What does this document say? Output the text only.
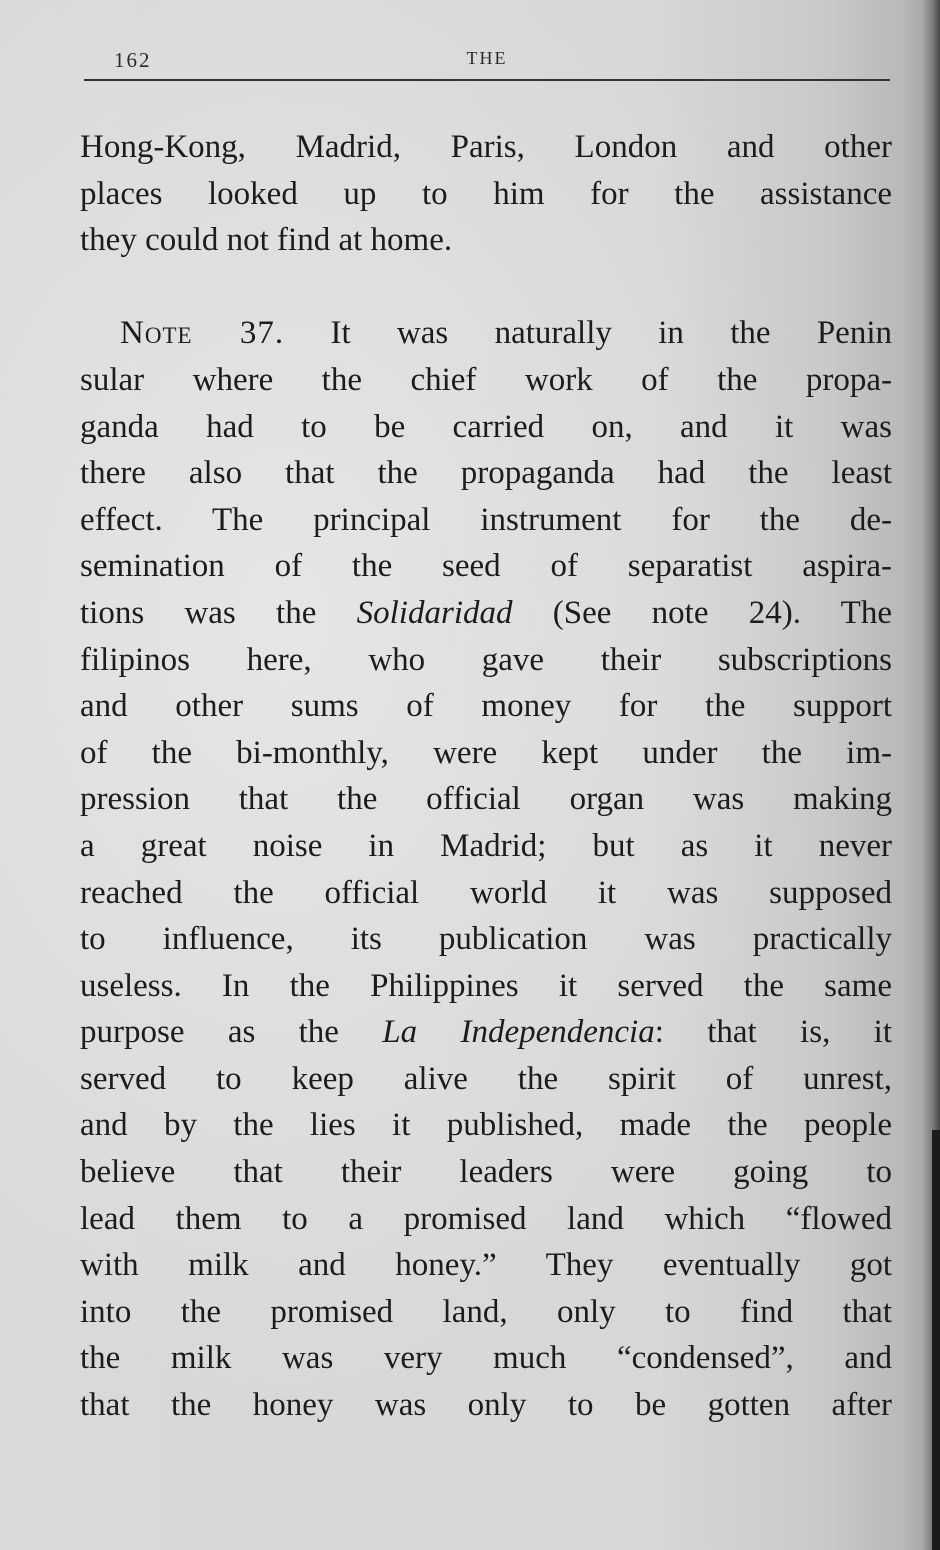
162	THE
Hong-Kong, Madrid, Paris, London and other
places looked up to him for the assistance
they could not find at home.
Note 37. It was naturally in the Penin
sular where the chief work of the propa-
ganda had to be carried on, and it was
there also that the propaganda had the least
effect. The principal instrument for the de-
semination of the seed of separatist aspira-
tions was the Solidaridad (See note 24). The
filipinos here, who gave their subscriptions
and other sums of money for the support
of the bi-monthly, were kept under the im-
pression that the official organ was making
a great noise in Madrid; but as it never
reached the official world it was supposed
to influence, its publication was practically
useless. In the Philippines it served the same
purpose as the La Independencia: that is, it
served to keep alive the spirit of unrest,
and by the lies it published, made the people
believe that their leaders were going to
lead them to a promised land which “flowed
with milk and honey.” They eventually got
into the promised land, only to find that
the milk was very much “condensed”, and
that the honey was only to be gotten after
